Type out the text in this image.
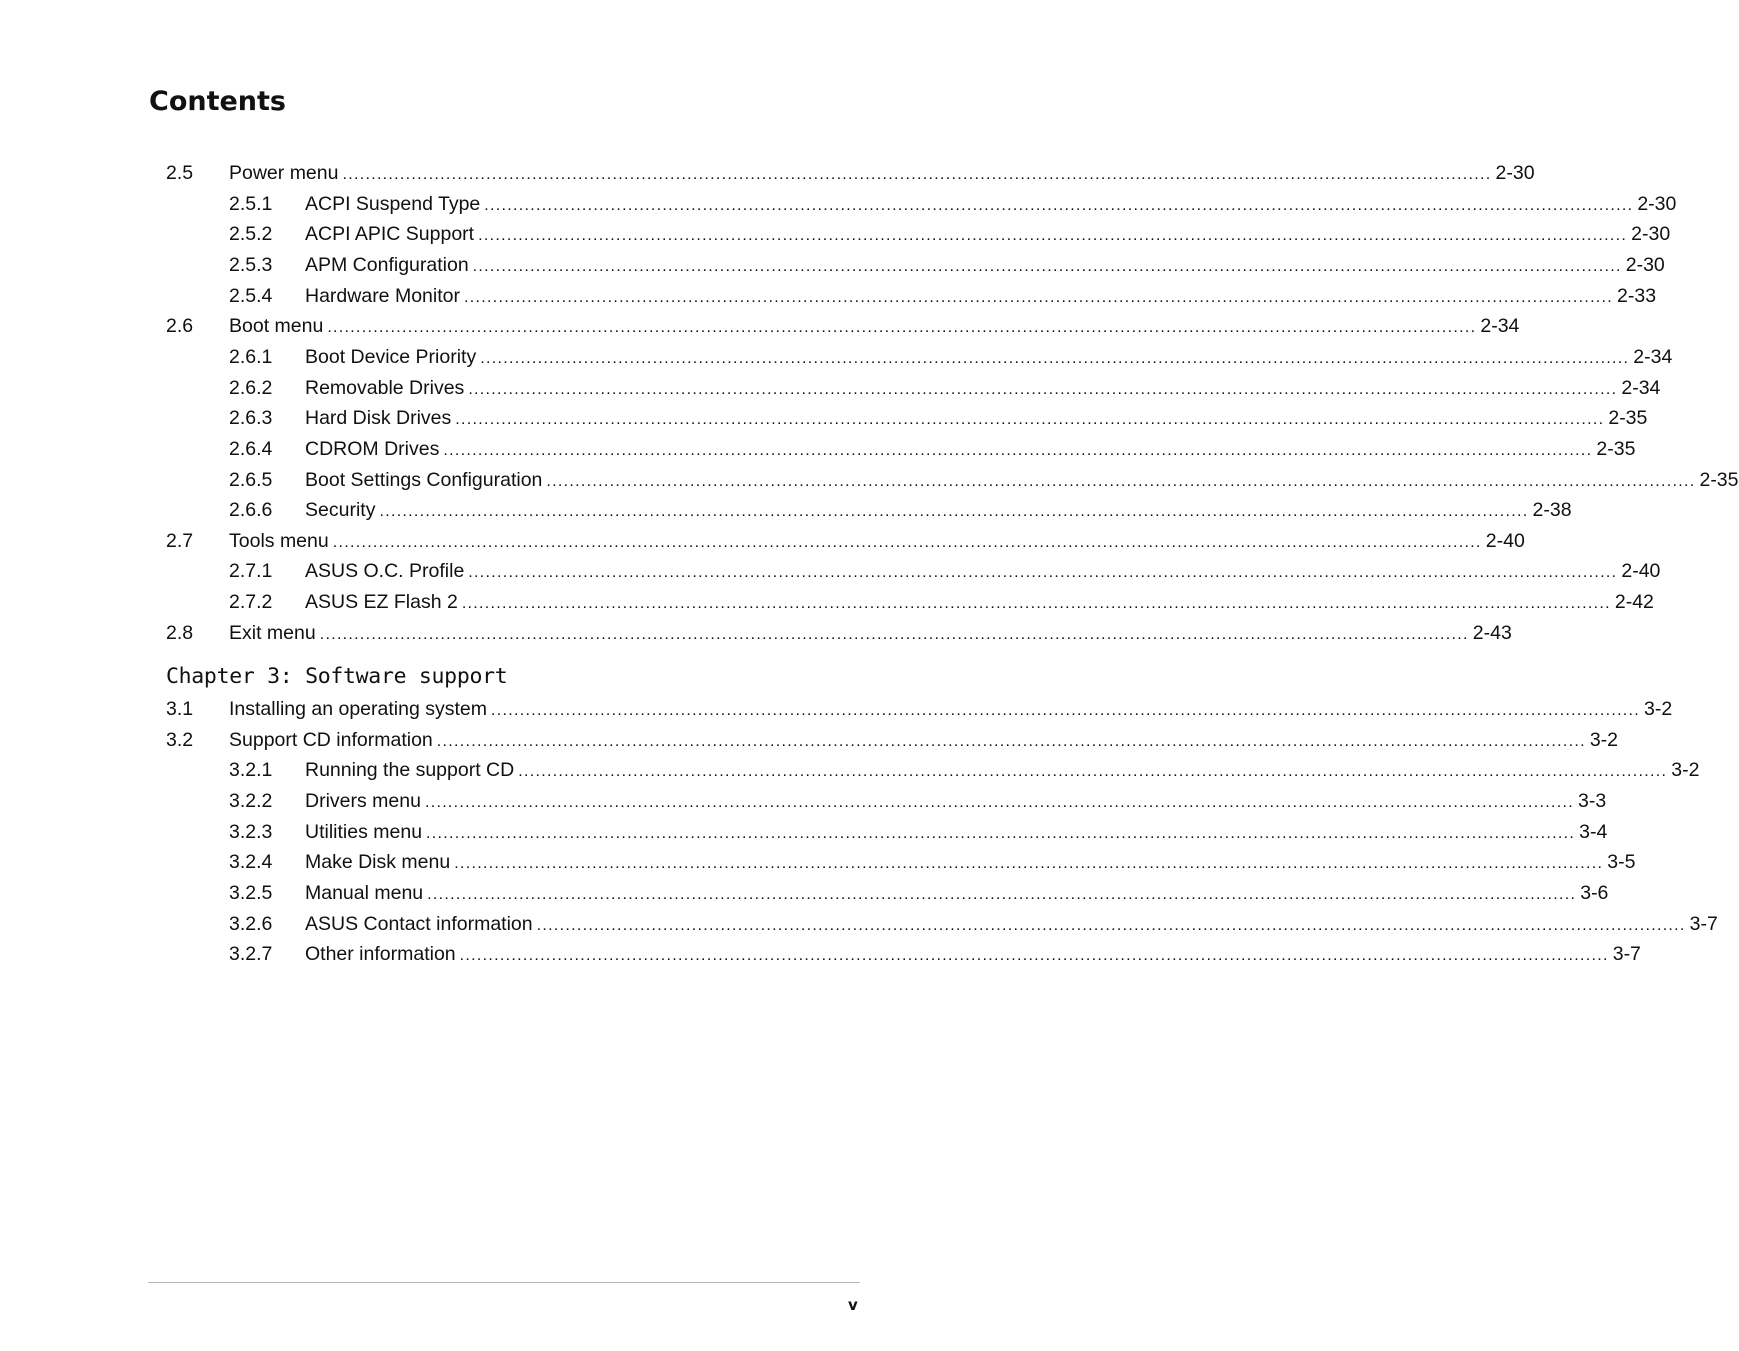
Contents
2.5	Power menu ........................................................................................................................................................................................................ 2-30
2.5.1	ACPI Suspend Type ........................................................................................................................................................................................................ 2-30
2.5.2	ACPI APIC Support ........................................................................................................................................................................................................ 2-30
2.5.3	APM Configuration ........................................................................................................................................................................................................ 2-30
2.5.4	Hardware Monitor ........................................................................................................................................................................................................ 2-33
2.6	Boot menu ........................................................................................................................................................................................................ 2-34
2.6.1	Boot Device Priority ........................................................................................................................................................................................................ 2-34
2.6.2	Removable Drives ........................................................................................................................................................................................................ 2-34
2.6.3	Hard Disk Drives ........................................................................................................................................................................................................ 2-35
2.6.4	CDROM Drives ........................................................................................................................................................................................................ 2-35
2.6.5	Boot Settings Configuration ........................................................................................................................................................................................................ 2-35
2.6.6	Security ........................................................................................................................................................................................................ 2-38
2.7	Tools menu ........................................................................................................................................................................................................ 2-40
2.7.1	ASUS O.C. Profile ........................................................................................................................................................................................................ 2-40
2.7.2	ASUS EZ Flash 2 ........................................................................................................................................................................................................ 2-42
2.8	Exit menu ........................................................................................................................................................................................................ 2-43
3.1	Installing an operating system ........................................................................................................................................................................................................ 3-2
3.2	Support CD information ........................................................................................................................................................................................................ 3-2
3.2.1	Running the support CD ........................................................................................................................................................................................................ 3-2
3.2.2	Drivers menu ........................................................................................................................................................................................................ 3-3
3.2.3	Utilities menu ........................................................................................................................................................................................................ 3-4
3.2.4	Make Disk menu ........................................................................................................................................................................................................ 3-5
3.2.5	Manual menu ........................................................................................................................................................................................................ 3-6
3.2.6	ASUS Contact information ........................................................................................................................................................................................................ 3-7
3.2.7	Other information ........................................................................................................................................................................................................ 3-7
Chapter 3: Software support
v
